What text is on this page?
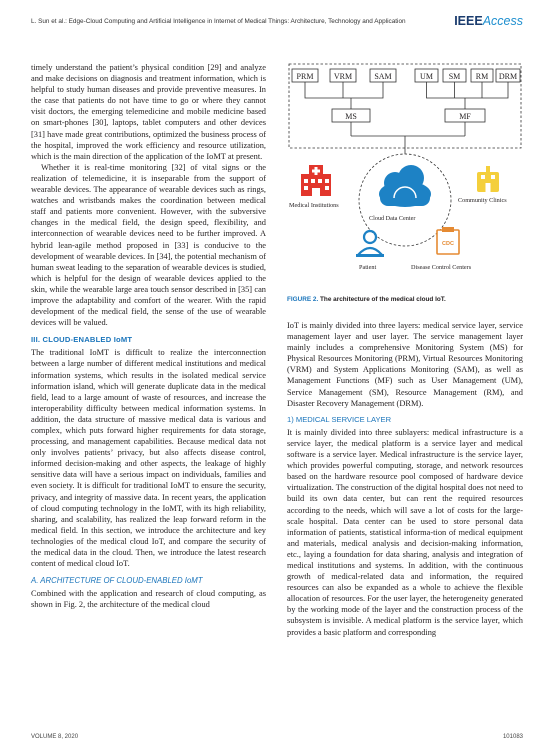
L. Sun et al.: Edge-Cloud Computing and Artificial Intelligence in Internet of Medical Things: Architecture, Technology and Application	IEEEAccess

timely understand the patient’s physical condition [29] and analyze and make decisions on diagnosis and treatment information, which is helpful to study human diseases and provide preventive measures. In the case that patients do not have time to go or where they cannot visit doctors, the emerging telemedicine and mobile medicine based on smart-phones [30], laptops, tablet computers and other devices [31] have made great contributions, optimized the business process of the hospital, improved the work efficiency and resource utilization, which is the main direction of the application of the IoMT at present.

Whether it is real-time monitoring [32] of vital signs or the realization of telemedicine, it is inseparable from the support of wearable devices. The appearance of wearable devices such as rings, watches and wristbands makes the coordination between medical staff and patients more convenient. However, with the subversive changes in the medical field, the design speed, flexibility, and interconnection of wearable devices need to be further improved. A hybrid lean-agile method proposed in [33] is conducive to the development of wearable devices. In [34], the potential mechanism of human sweat leading to the separation of wearable devices is studied, which is helpful for the design of wearable devices applied to the skin, while the wearable large area touch sensor described in [35] can improve the adaptability and comfort of the wearer. With the rapid development of the medical field, the sense of the use of wearable devices will be valued.

III. CLOUD-ENABLED IoMT

The traditional IoMT is difficult to realize the interconnection between a large number of different medical institutions and medical information systems, which results in the isolated medical service information island, which will generate duplicate data in the medical field, lead to a large amount of waste of resources, and increase the interoperability difficulty between medical information systems. In addition, the data structure of massive medical data is various and complex, which puts forward higher requirements for data storage, processing, and management capabilities. Because medical data not only involves patients’ privacy, but also affects disease control, informed decision-making and other aspects, the leakage of highly sensitive data will have a serious impact on individuals, families and even society. It is difficult for traditional IoMT to ensure the security, privacy, and integrity of massive data. In recent years, the application of cloud computing technology in the IoMT, with its high reliability, sharing, and scalability, has realized the leap forward reform in the medical field. In this section, we introduce the architecture and key technologies of the medical cloud IoT, and compare the security of the medical data in the cloud. Then, we introduce the latest research content of medical cloud IoT.

A. ARCHITECTURE OF CLOUD-ENABLED IoMT

Combined with the application and research of cloud computing, as shown in Fig. 2, the architecture of the medical cloud

PRM	VRM	SAM	UM SM RM DRM
MS	MF
CDC
Medical Institutions
Cloud Data Center
Community Clinics
Patient	Disease Control Centers
FIGURE 2. The architecture of the medical cloud IoT.

IoT is mainly divided into three layers: medical service layer, service management layer and user layer. The service management layer mainly includes a comprehensive Monitoring System (MS) for Physical Resources Monitoring (PRM), Virtual Resources Monitoring (VRM) and System Applications Monitoring (SAM), as well as Management Functions (MF) such as User Management (UM), Service Management (SM), Resource Management (RM), and Disaster Recovery Management (DRM).

1) MEDICAL SERVICE LAYER

It is mainly divided into three sublayers: medical infrastructure is a service layer, the medical platform is a service layer and medical software is a service layer. Medical infrastructure is the service layer, which provides powerful computing, storage, and network resources based on the hardware resource pool composed of hardware device virtualization. The construction of the digital hospital does not need to build its own data center, but can rent the required resources according to the needs, which will save a lot of costs for the large-scale hospital. Data center can be used to store personal data information of patients, statistical informa-tion of medical equipment and materials, medical analysis and decision-making information, etc., laying a foundation for data sharing, analysis and integration of medical institutions and systems. In addition, with the continuous growth of medical-related data and information, the required resources can also be expanded as a whole to achieve the flexible allocation of resources. For the user layer, the heterogeneity generated by the working mode of the layer and the construction process of the subsystem is invisible. A medical platform is the service layer, which provides a basic platform and corresponding

VOLUME 8, 2020	101083
